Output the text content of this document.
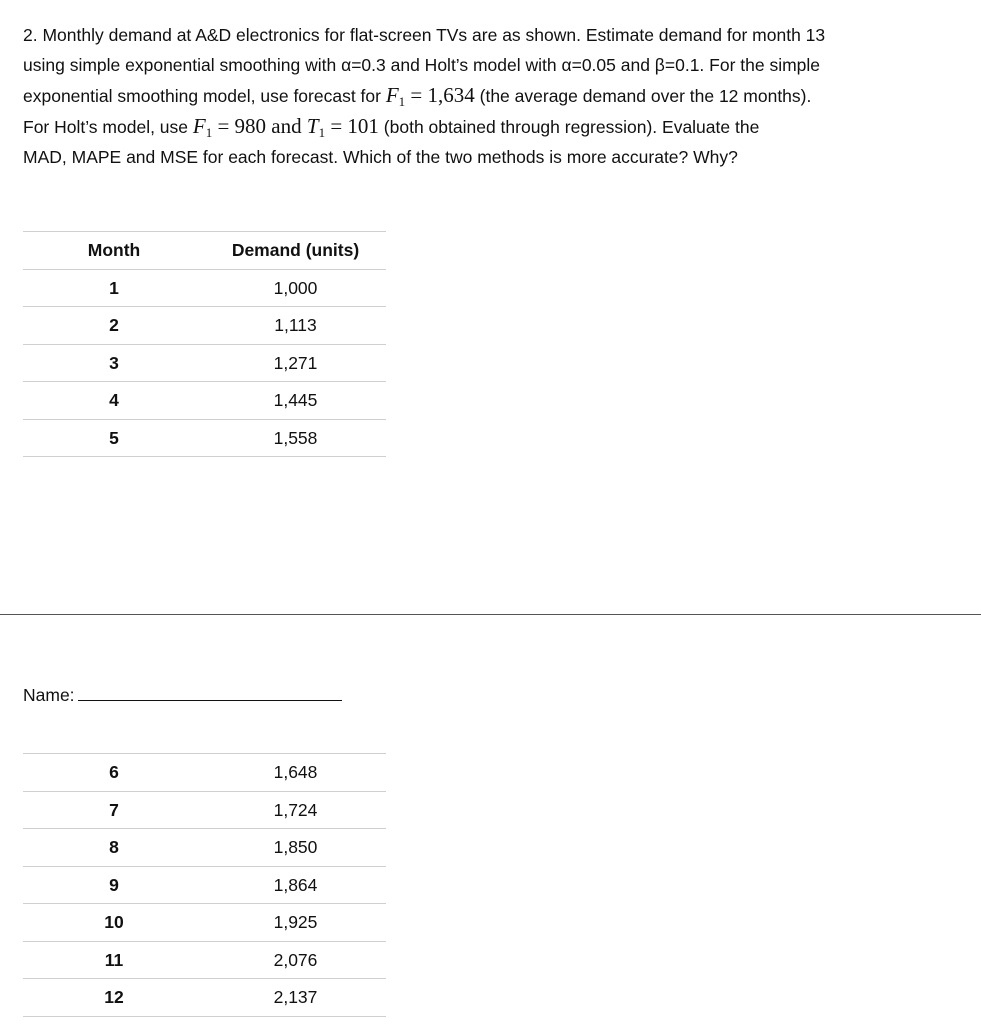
2. Monthly demand at A&D electronics for flat-screen TVs are as shown. Estimate demand for month 13
using simple exponential smoothing with α=0.3 and Holt’s model with α=0.05 and β=0.1. For the simple
exponential smoothing model, use forecast for $F_1 = 1,634$ (the average demand over the 12 months).
For Holt’s model, use $F_1 = 980$ and $T_1 = 101$ (both obtained through regression). Evaluate the
MAD, MAPE and MSE for each forecast. Which of the two methods is more accurate? Why?
Month	Demand (units)
1	1,000
2	1,113
3	1,271
4	1,445
5	1,558
Name:
6	1,648
7	1,724
8	1,850
9	1,864
10	1,925
11	2,076
12	2,137
